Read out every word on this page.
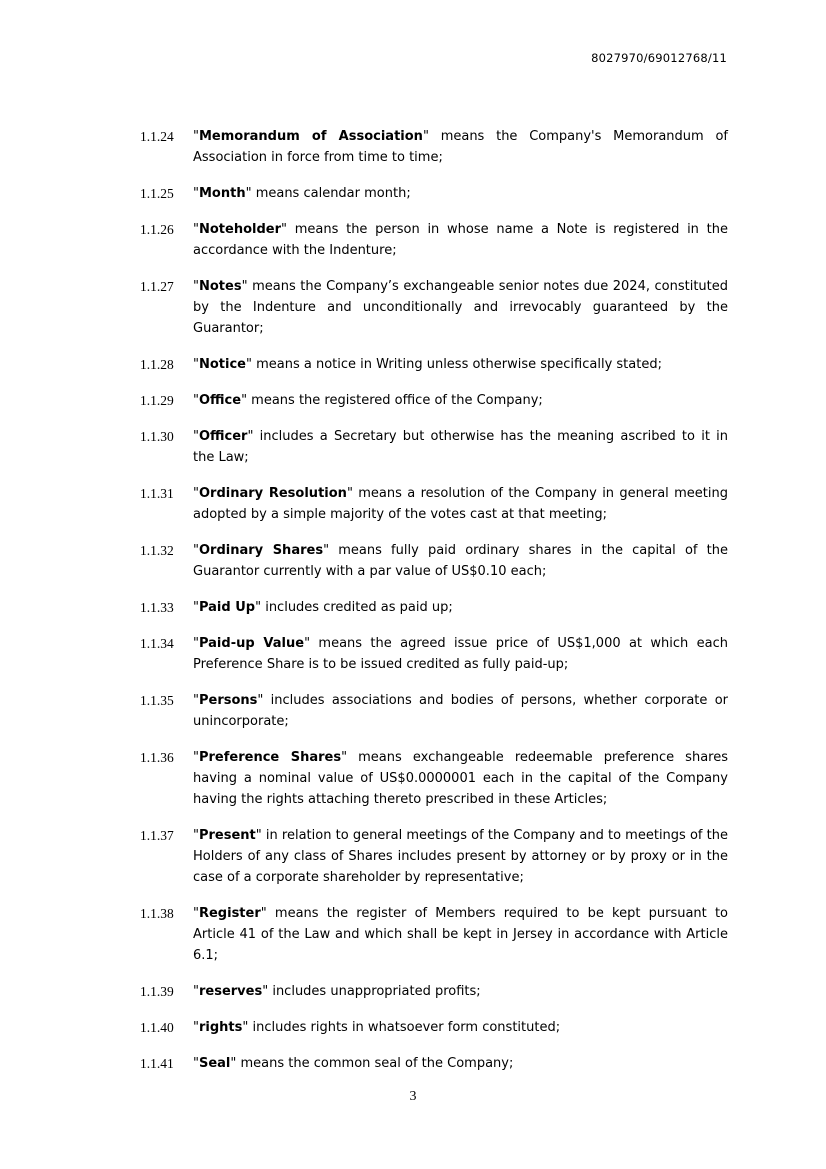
8027970/69012768/11
1.1.24	"Memorandum of Association" means the Company's Memorandum of Association in force from time to time;
1.1.25	"Month" means calendar month;
1.1.26	"Noteholder" means the person in whose name a Note is registered in the accordance with the Indenture;
1.1.27	"Notes" means the Company’s exchangeable senior notes due 2024, constituted by the Indenture and unconditionally and irrevocably guaranteed by the Guarantor;
1.1.28	"Notice" means a notice in Writing unless otherwise specifically stated;
1.1.29	"Office" means the registered office of the Company;
1.1.30	"Officer" includes a Secretary but otherwise has the meaning ascribed to it in the Law;
1.1.31	"Ordinary Resolution" means a resolution of the Company in general meeting adopted by a simple majority of the votes cast at that meeting;
1.1.32	"Ordinary Shares" means fully paid ordinary shares in the capital of the Guarantor currently with a par value of US$0.10 each;
1.1.33	"Paid Up" includes credited as paid up;
1.1.34	"Paid-up Value" means the agreed issue price of US$1,000 at which each Preference Share is to be issued credited as fully paid-up;
1.1.35	"Persons" includes associations and bodies of persons, whether corporate or unincorporate;
1.1.36	"Preference Shares" means exchangeable redeemable preference shares having a nominal value of US$0.0000001 each in the capital of the Company having the rights attaching thereto prescribed in these Articles;
1.1.37	"Present" in relation to general meetings of the Company and to meetings of the Holders of any class of Shares includes present by attorney or by proxy or in the case of a corporate shareholder by representative;
1.1.38	"Register" means the register of Members required to be kept pursuant to Article 41 of the Law and which shall be kept in Jersey in accordance with Article 6.1;
1.1.39	"reserves" includes unappropriated profits;
1.1.40	"rights" includes rights in whatsoever form constituted;
1.1.41	"Seal" means the common seal of the Company;
3
